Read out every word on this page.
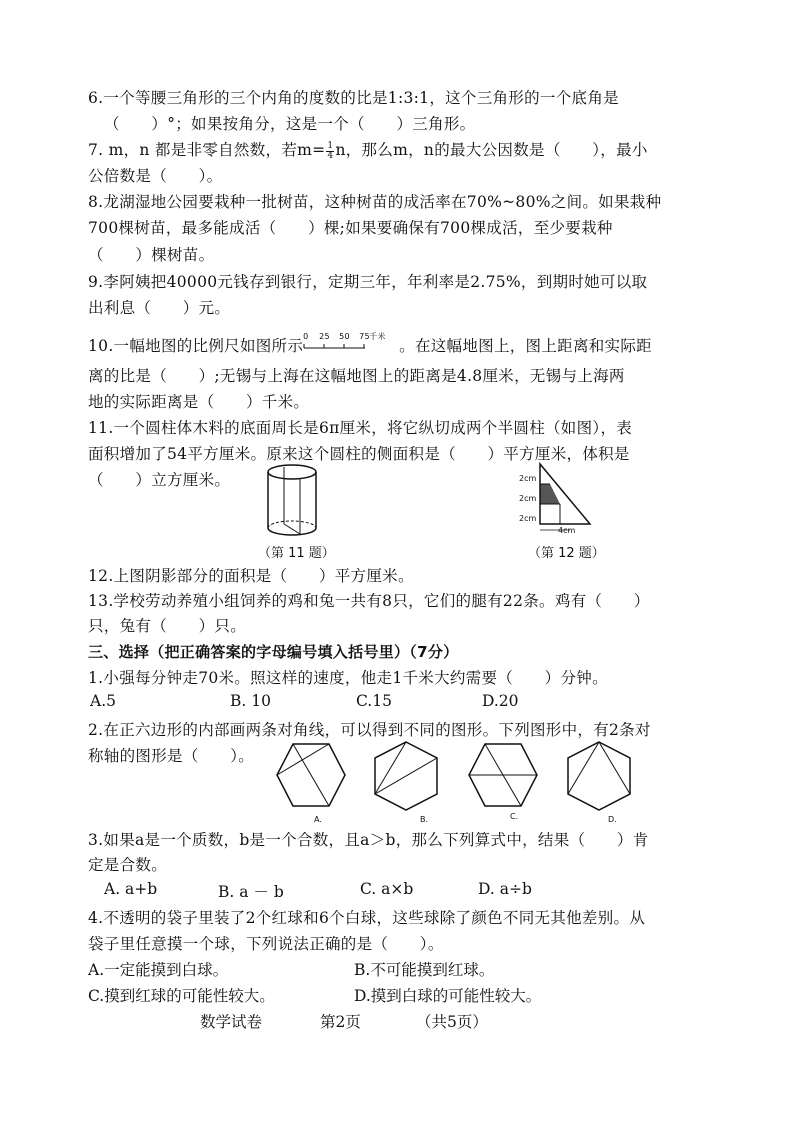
6.一个等腰三角形的三个内角的度数的比是1:3:1，这个三角形的一个底角是
（　　）°；如果按角分，这是一个（　　）三角形。
7. m，n 都是非零自然数，若$m= \frac{1}{4}$ n，那么m，n的最大公因数是（　　），最小
公倍数是（　　）。
8.龙湖湿地公园要栽种一批树苗，这种树苗的成活率在70%~80%之间。如果栽种
700棵树苗，最多能成活（　　）棵;如果要确保有700棵成活，至少要栽种
（　　）棵树苗。
9.李阿姨把40000元钱存到银行，定期三年，年利率是2.75%，到期时她可以取
出利息（　　）元。
10.一幅地图的比例尺如图所示
0 25 50 75 千米
。在这幅地图上，图上距离和实际距
离的比是（　　）;无锡与上海在这幅地图上的距离是4.8厘米，无锡与上海两
地的实际距离是（　　）千米。
11.一个圆柱体木料的底面周长是6π厘米，将它纵切成两个半圆柱（如图），表
面积增加了54平方厘米。原来这个圆柱的侧面积是（　　）平方厘米，体积是
（　　）立方厘米。
（第 11 题）
2cm
2cm
2cm
4cm
（第 12 题）
12.上图阴影部分的面积是（　　）平方厘米。
13.学校劳动养殖小组饲养的鸡和兔一共有8只，它们的腿有22条。鸡有（　　）
只，兔有（　　）只。
三、选择（把正确答案的字母编号填入括号里）（7分）
1.小强每分钟走70米。照这样的速度，他走1千米大约需要（　　）分钟。
A.5	B. 10	C.15	D.20
2.在正六边形的内部画两条对角线，可以得到不同的图形。下列图形中，有2条对
称轴的图形是（　　）。
A.	B.	C.	D.
3.如果a是一个质数，b是一个合数，且a＞b，那么下列算式中，结果（　　）肯
定是合数。
A. a+b	B. a － b	C. a×b	D. a÷b
4.不透明的袋子里装了2个红球和6个白球，这些球除了颜色不同无其他差别。从
袋子里任意摸一个球，下列说法正确的是（　　）。
A.一定能摸到白球。	B.不可能摸到红球。
C.摸到红球的可能性较大。	D.摸到白球的可能性较大。
数学试卷	第2页	（共5页）
